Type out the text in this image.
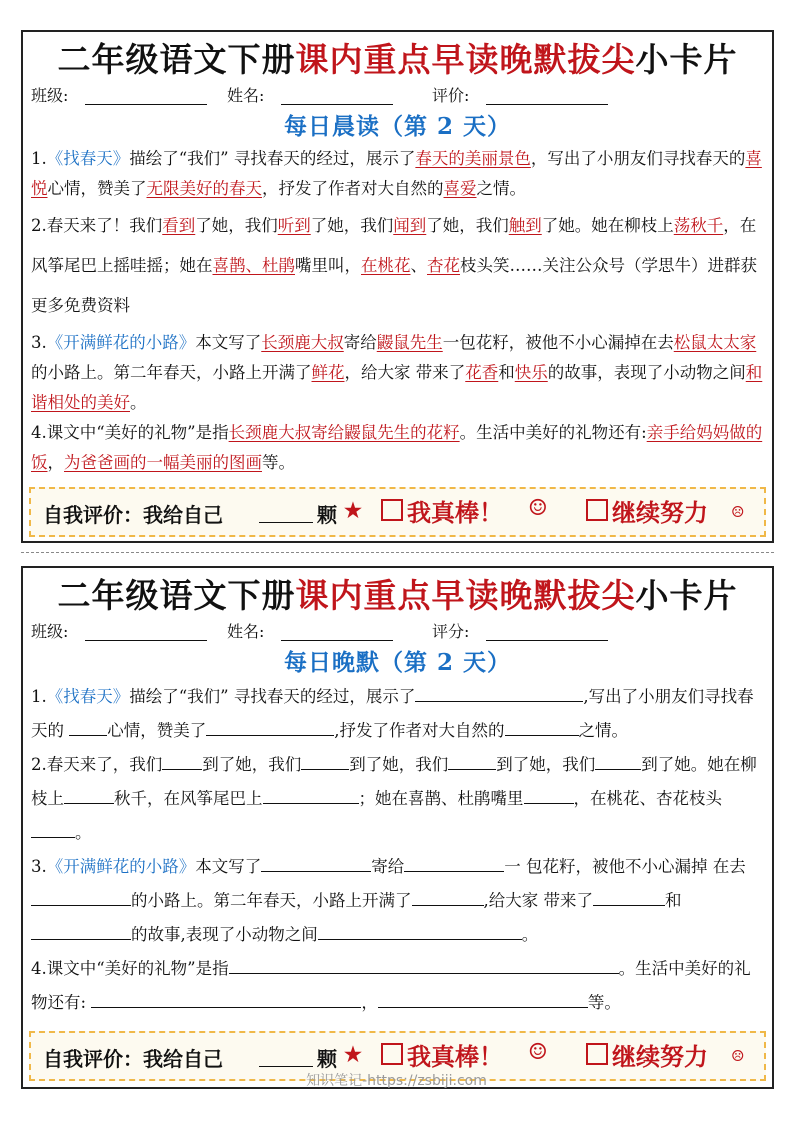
二年级语文下册课内重点早读晚默拔尖小卡片
班级:	姓名:	评价:
每日晨读（第 2 天）

1.《找春天》描绘了“我们” 寻找春天的经过，展示了春天的美丽景色，写出了小朋友们寻找春天的喜悦心情，赞美了无限美好的春天，抒发了作者对大自然的喜爱之情。

2.春天来了！我们看到了她，我们听到了她，我们闻到了她，我们触到了她。她在柳枝上荡秋千，在风筝尾巴上摇哇摇；她在喜鹊、杜鹃嘴里叫，在桃花、杏花枝头笑……关注公众号（学思牛）进群获更多免费资料

3.《开满鲜花的小路》本文写了长颈鹿大叔寄给鼹鼠先生一包花籽，被他不小心漏掉在去松鼠太太家的小路上。第二年春天，小路上开满了鲜花，给大家 带来了花香和快乐的故事，表现了小动物之间和谐相处的美好。

4.课文中“美好的礼物”是指长颈鹿大叔寄给鼹鼠先生的花籽。生活中美好的礼物还有:亲手给妈妈做的饭，为爸爸画的一幅美丽的图画等。

自我评价：我给自己	颗 ★ 我真棒！ ☺	继续努力 ☹
二年级语文下册课内重点早读晚默拔尖小卡片
班级:	姓名:	评分:
每日晚默（第 2 天）

1.《找春天》描绘了“我们” 寻找春天的经过，展示了	,写出了小朋友们寻找春天的 心情，赞美了	,抒发了作者对大自然的	之情。

2.春天来了，我们 到了她，我们	到了她，我们	到了她，我们	到了她。她在柳枝上	秋千，在风筝尾巴上	；她在喜鹊、杜鹃嘴里	，在桃花、杏花枝头。

3.《开满鲜花的小路》本文写了	寄给	一 包花籽，被他不小心漏掉 在去的小路上。第二年春天，小路上开满了	,给大家 带来了	和的故事,表现了小动物之间	。

4.课文中“美好的礼物”是指	。生活中美好的礼物还有:	，	等。

自我评价：我给自己	颗 ★ 我真棒！ ☺	继续努力 ☹
知识笔记-https://zsbiji.com
